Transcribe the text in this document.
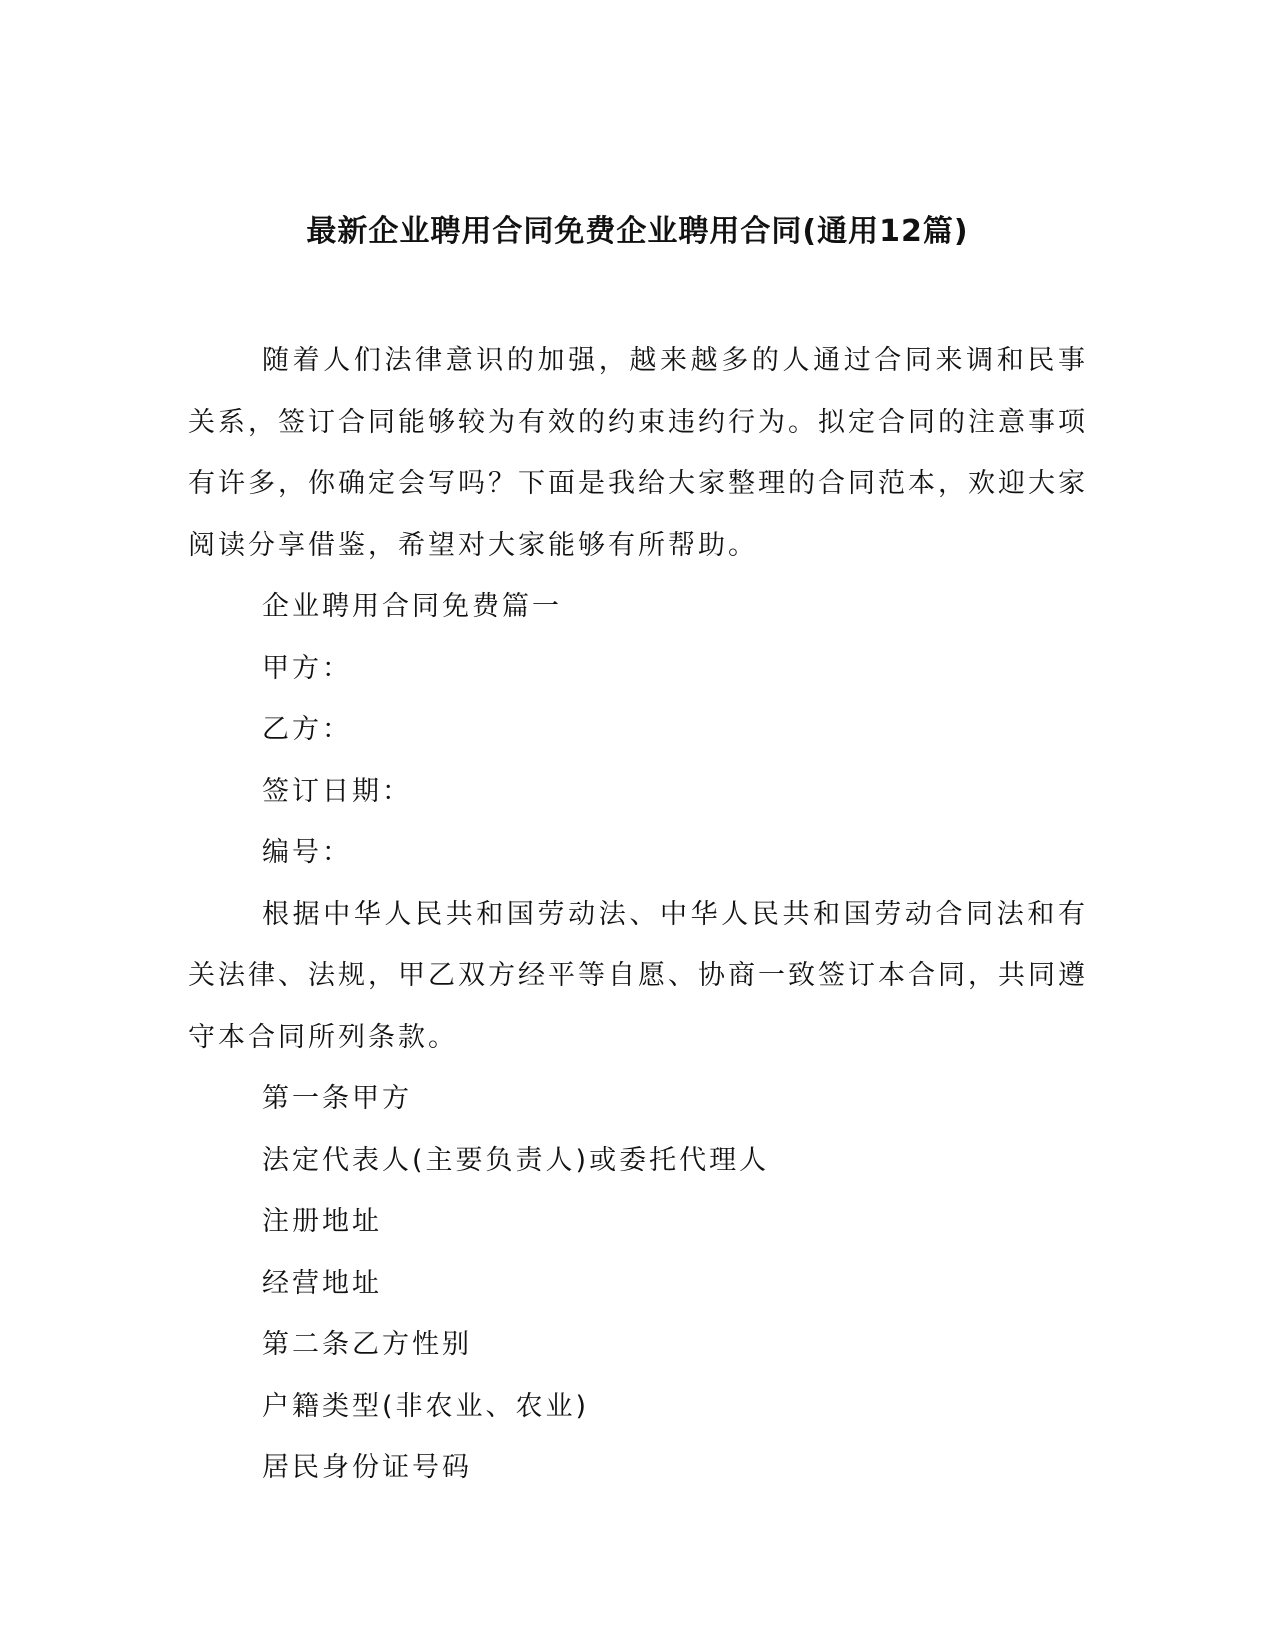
最新企业聘用合同免费企业聘用合同(通用12篇)

随着人们法律意识的加强，越来越多的人通过合同来调和民事关系，签订合同能够较为有效的约束违约行为。拟定合同的注意事项有许多，你确定会写吗？下面是我给大家整理的合同范本，欢迎大家阅读分享借鉴，希望对大家能够有所帮助。

企业聘用合同免费篇一

甲方：

乙方：

签订日期：

编号：

根据中华人民共和国劳动法、中华人民共和国劳动合同法和有关法律、法规，甲乙双方经平等自愿、协商一致签订本合同，共同遵守本合同所列条款。

第一条甲方

法定代表人(主要负责人)或委托代理人

注册地址

经营地址

第二条乙方性别

户籍类型(非农业、农业)

居民身份证号码
